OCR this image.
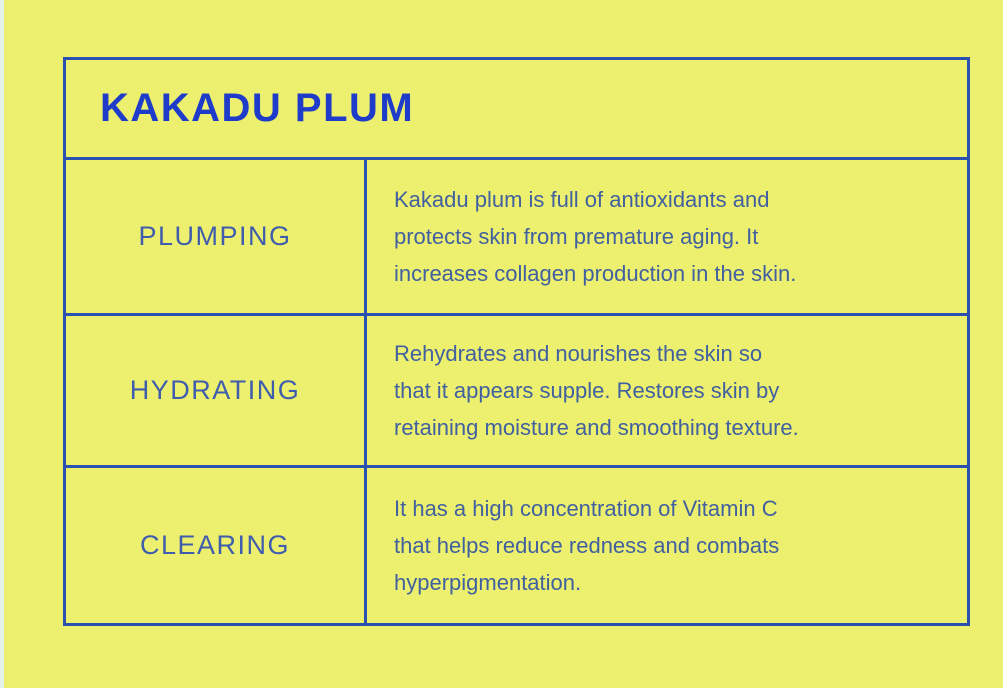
KAKADU PLUM
PLUMPING
Kakadu plum is full of antioxidants and
protects skin from premature aging. It
increases collagen production in the skin.
HYDRATING
Rehydrates and nourishes the skin so
that it appears supple. Restores skin by
retaining moisture and smoothing texture.
CLEARING
It has a high concentration of Vitamin C
that helps reduce redness and combats
hyperpigmentation.
